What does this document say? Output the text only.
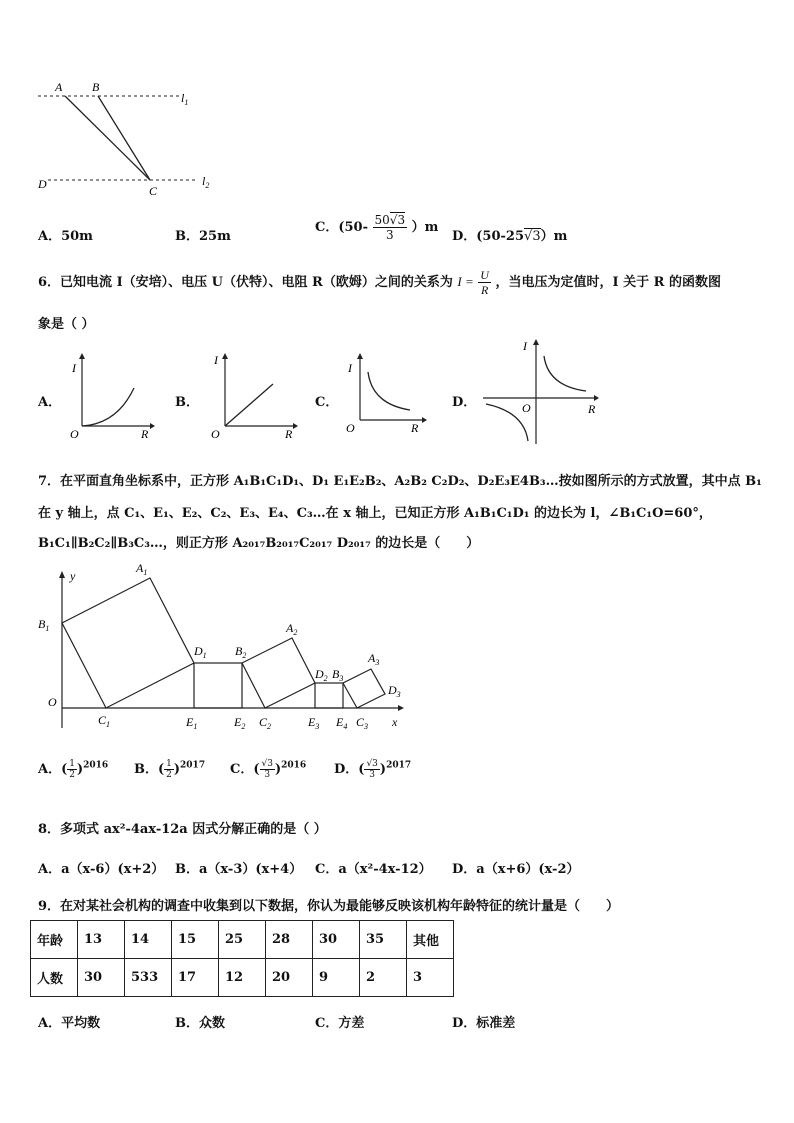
A B
C
D
$l_1$
$l_2$
A．50m	B．25m
C．$(50- \frac{50√3}{3} )m$
D．(50-25√3）m
6．已知电流 I（安培）、电压 U（伏特）、电阻 R（欧姆）之间的关系为 $I = \frac{U}{R}$ ，当电压为定值时，I 关于 R 的函数图
象是（ ）
A．
I
O	R
B．
I
O	R
C．
I
O	R
D．
I
O	R
7．在平面直角坐标系中，正方形 A₁B₁C₁D₁、D₁ E₁E₂B₂、A₂B₂ C₂D₂、D₂E₃E4B₃…按如图所示的方式放置，其中点 B₁
在 y 轴上，点 C₁、E₁、E₂、C₂、E₃、E₄、C₃…在 x 轴上，已知正方形 A₁B₁C₁D₁ 的边长为 l，∠B₁C₁O=60°，
B₁C₁∥B₂C₂∥B₃C₃…，则正方形 A₂₀₁₇B₂₀₁₇C₂₀₁₇ D₂₀₁₇ 的边长是（　　）
y
x
O
$A_1$
$B_1$
$C_1$
$D_1$
$E_1$	$E_2$
$B_2$
$C_2$
$A_2$
$D_2$ $B_3$
$E_3$ $E_4$ $C_3$
$A_3$
$D_3$
A．( $\frac{1}{2} )^{2016}$ B．( $\frac{1}{2} )^{2017}$ C．( $\frac{√3}{3} )^{2016}$ D．( $\frac{√3}{3} )^{2017}$
8．多项式 ax²-4ax-12a 因式分解正确的是（ ）
A．a（x-6）(x+2） B．a（x-3）(x+4） C．a（x²-4x-12） D．a（x+6）(x-2）
9．在对某社会机构的调查中收集到以下数据，你认为最能够反映该机构年龄特征的统计量是（　　）
年龄	13	14	15	25	28	30	35	其他
人数	30	533	17	12	20	9	2	3
A．平均数	B．众数	C．方差	D．标准差
